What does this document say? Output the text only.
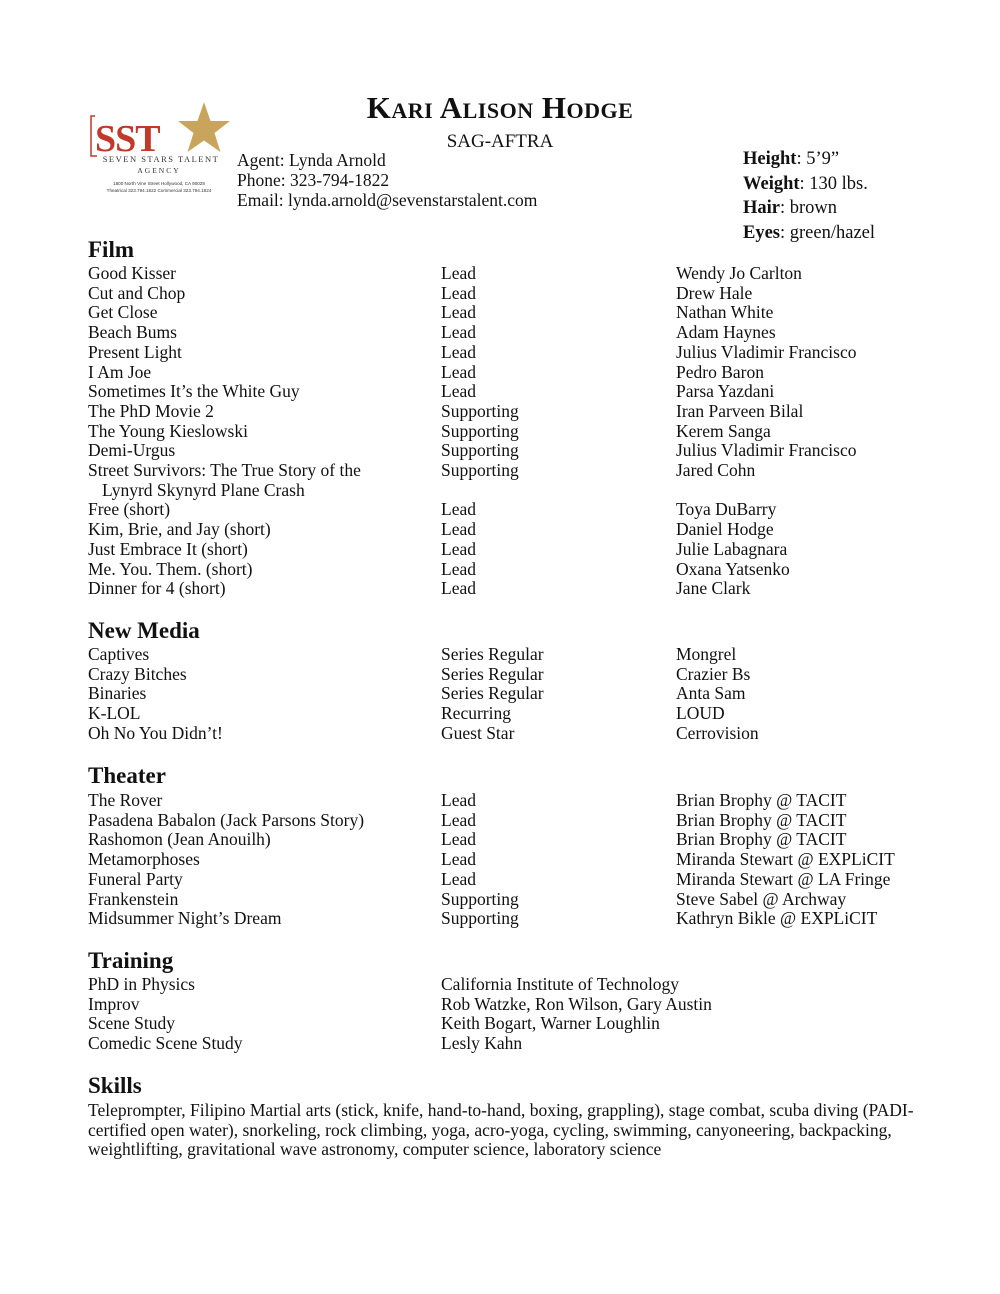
Kari Alison Hodge
SAG-AFTRA
SST
SEVEN STARS TALENT
AGENCY
1800 North Vine Street Hollywood, CA 90028
Theatrical 323.794.1822 Commercial 323.794.1824
Agent: Lynda Arnold
Phone: 323-794-1822
Email: lynda.arnold@sevenstarstalent.com
Height: 5’9”
Weight: 130 lbs.
Hair: brown
Eyes: green/hazel
Film
Good Kisser	Lead	Wendy Jo Carlton
Cut and Chop	Lead	Drew Hale
Get Close	Lead	Nathan White
Beach Bums	Lead	Adam Haynes
Present Light	Lead	Julius Vladimir Francisco
I Am Joe	Lead	Pedro Baron
Sometimes It’s the White Guy	Lead	Parsa Yazdani
The PhD Movie 2	Supporting	Iran Parveen Bilal
The Young Kieslowski	Supporting	Kerem Sanga
Demi-Urgus	Supporting	Julius Vladimir Francisco
Street Survivors: The True Story of the	Supporting	Jared Cohn
Lynyrd Skynyrd Plane Crash
Free (short)	Lead	Toya DuBarry
Kim, Brie, and Jay (short)	Lead	Daniel Hodge
Just Embrace It (short)	Lead	Julie Labagnara
Me. You. Them. (short)	Lead	Oxana Yatsenko
Dinner for 4 (short)	Lead	Jane Clark
New Media
Captives	Series Regular	Mongrel
Crazy Bitches	Series Regular	Crazier Bs
Binaries	Series Regular	Anta Sam
K-LOL	Recurring	LOUD
Oh No You Didn’t!	Guest Star	Cerrovision
Theater
The Rover	Lead	Brian Brophy @ TACIT
Pasadena Babalon (Jack Parsons Story)	Lead	Brian Brophy @ TACIT
Rashomon (Jean Anouilh)	Lead	Brian Brophy @ TACIT
Metamorphoses	Lead	Miranda Stewart @ EXPLiCIT
Funeral Party	Lead	Miranda Stewart @ LA Fringe
Frankenstein	Supporting	Steve Sabel @ Archway
Midsummer Night’s Dream	Supporting	Kathryn Bikle @ EXPLiCIT
Training
PhD in Physics	California Institute of Technology
Improv	Rob Watzke, Ron Wilson, Gary Austin
Scene Study	Keith Bogart, Warner Loughlin
Comedic Scene Study	Lesly Kahn
Skills
Teleprompter, Filipino Martial arts (stick, knife, hand-to-hand, boxing, grappling), stage combat, scuba diving (PADI-certified open water), snorkeling, rock climbing, yoga, acro-yoga, cycling, swimming, canyoneering, backpacking, weightlifting, gravitational wave astronomy, computer science, laboratory science
